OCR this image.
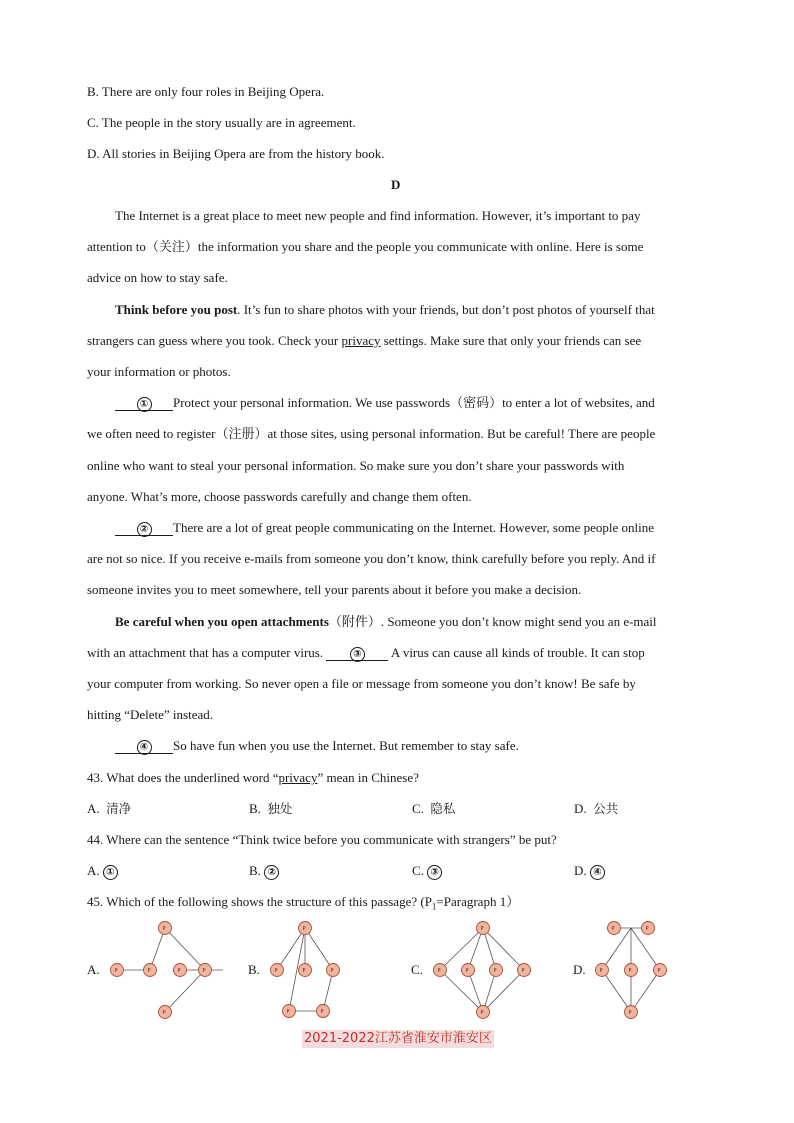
B. There are only four roles in Beijing Opera.
C. The people in the story usually are in agreement.
D. All stories in Beijing Opera are from the history book.
D
The Internet is a great place to meet new people and find information. However, it’s important to pay
attention to（关注）the information you share and the people you communicate with online. Here is some
advice on how to stay safe.
Think before you post. It’s fun to share photos with your friends, but don’t post photos of yourself that
strangers can guess where you took. Check your privacy settings. Make sure that only your friends can see
your information or photos.
① Protect your personal information. We use passwords（密码）to enter a lot of websites, and
we often need to register（注册）at those sites, using personal information. But be careful! There are people
online who want to steal your personal information. So make sure you don’t share your passwords with
anyone. What’s more, choose passwords carefully and change them often.
② There are a lot of great people communicating on the Internet. However, some people online
are not so nice. If you receive e-mails from someone you don’t know, think carefully before you reply. And if
someone invites you to meet somewhere, tell your parents about it before you make a decision.
Be careful when you open attachments（附件）. Someone you don’t know might send you an e-mail
with an attachment that has a computer virus.	③ A virus can cause all kinds of trouble. It can stop
your computer from working. So never open a file or message from someone you don’t know! Be safe by
hitting “Delete” instead.
④ So have fun when you use the Internet. But remember to stay safe.
43. What does the underlined word “privacy” mean in Chinese?
A. 清净	B. 独处	C. 隐私	D. 公共
44. Where can the sentence “Think twice before you communicate with strangers” be put?
A. ①	B. ②	C. ③	D. ④
45. Which of the following shows the structure of this passage? ($P_1=Paragraph$ 1）
A.	B.	C.	D.
P
P	P	P	P
P
P
P	P	P
P	P
P
P	P	P	P
P
P	P
P	P	P
P
2021-2022江苏省淮安市淮安区
